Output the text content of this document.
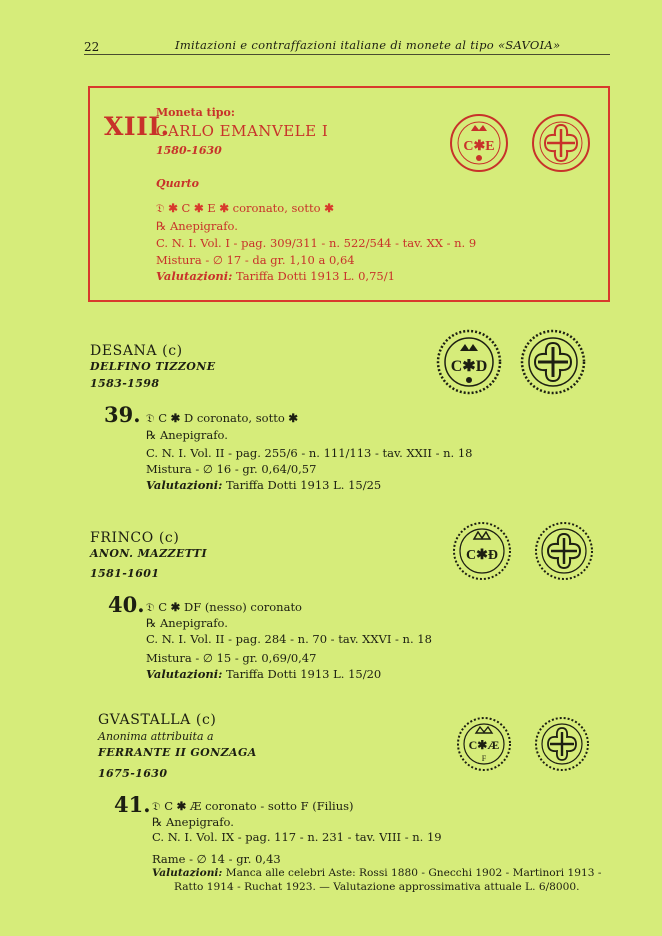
22	Imitazioni e contraffazioni italiane di monete al tipo «SAVOIA»
XIII.
Moneta tipo:
CARLO EMANVELE I
1580-1630
Quarto
𝔇 ✱ C ✱ E ✱ coronato, sotto ✱
℞ Anepigrafo.
C. N. I. Vol. I - pag. 309/311 - n. 522/544 - tav. XX - n. 9
Mistura - ∅ 17 - da gr. 1,10 a 0,64
Valutazioni: Tariffa Dotti 1913 L. 0,75/1
C✱E
DESANA (c)
DELFINO TIZZONE
1583-1598
39. 𝔇 C ✱ D coronato, sotto ✱
℞ Anepigrafo.
C. N. I. Vol. II - pag. 255/6 - n. 111/113 - tav. XXII - n. 18
Mistura - ∅ 16 - gr. 0,64/0,57
Valutazioni: Tariffa Dotti 1913 L. 15/25
C✱D
FRINCO (c)
ANON. MAZZETTI
1581-1601
40. 𝔇 C ✱ DF (nesso) coronato
℞ Anepigrafo.
C. N. I. Vol. II - pag. 284 - n. 70 - tav. XXVI - n. 18
Mistura - ∅ 15 - gr. 0,69/0,47
Valutazioni: Tariffa Dotti 1913 L. 15/20
C✱Ð
GVASTALLA (c)
Anonima attribuita a
FERRANTE II GONZAGA
1675-1630
41. 𝔇 C ✱ Æ coronato - sotto F (Filius)
℞ Anepigrafo.
C. N. I. Vol. IX - pag. 117 - n. 231 - tav. VIII - n. 19
Rame - ∅ 14 - gr. 0,43
Valutazioni: Manca alle celebri Aste: Rossi 1880 - Gnecchi 1902 - Martinori 1913 -
Ratto 1914 - Ruchat 1923. — Valutazione approssimativa attuale L. 6/8000.
C✱Æ
F
